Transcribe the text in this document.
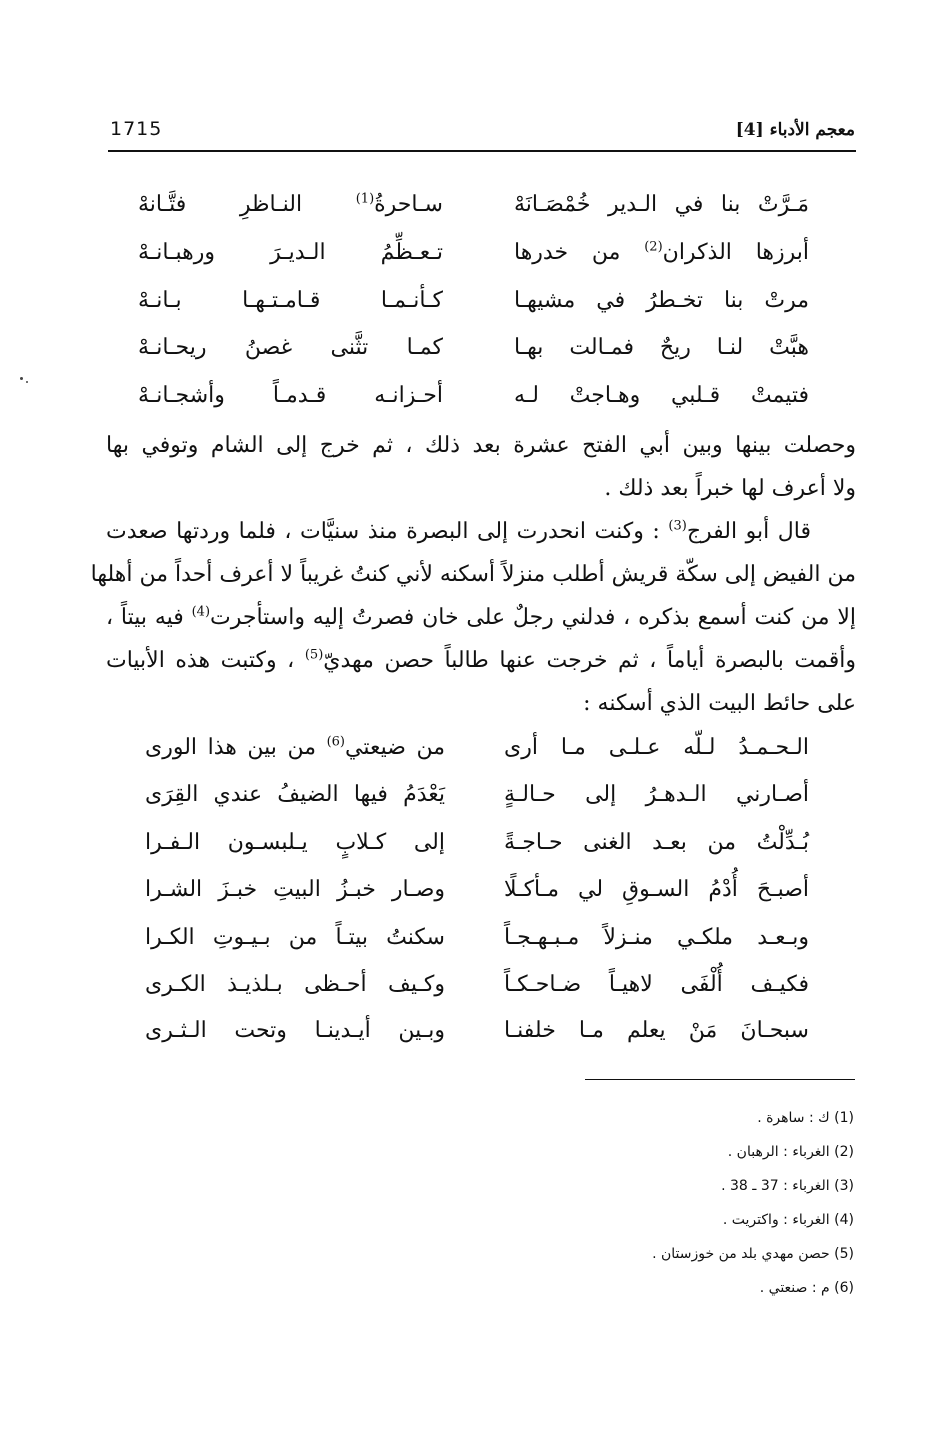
1715	معجم الأدباء [4]
مَـرَّتْ بنا في الـدير خُمْصَـانَهْ
سـاحرةُ$^{(1)}$ النـاظرِ فتَّـانهْ
أبرزها الذكران$^{(2)}$ من خدرها
تـعـظِّمُ الـديـرَ ورهبـانـهْ
مرتْ بنا تخـطرُ في مشيهـا
كـأنـمـا قـامـتـهـا بـانـهْ
هبَّتْ لنـا ريحٌ فمـالت بهـا
كمـا تثَّنى غصنُ ريحـانـهْ
فتيمتْ قـلبي وهـاجتْ لـه
أحـزانـه قـدمـاً وأشجـانـهْ
وحصلت بينها وبين أبي الفتح عشرة بعد ذلك ، ثم خرج إلى الشام وتوفي بها
ولا أعرف لها خبراً بعد ذلك .
قال أبو الفرج$^{(3)}$ : وكنت انحدرت إلى البصرة منذ سنيَّات ، فلما وردتها صعدت
من الفيض إلى سكّة قريش أطلب منزلاً أسكنه لأني كنتُ غريباً لا أعرف أحداً من أهلها
إلا من كنت أسمع بذكره ، فدلني رجلٌ على خان فصرتُ إليه واستأجرت$^{(4)}$ فيه بيتاً ،
وأقمت بالبصرة أياماً ، ثم خرجت عنها طالباً حصن مهديّ$^{(5)}$ ، وكتبت هذه الأبيات
على حائط البيت الذي أسكنه :
الـحـمـدُ لـلّه عـلـى مـا أرى
من ضيعتي$^{(6)}$ من بين هذا الورى
أصـارني الـدهـرُ إلى حـالـةٍ
يَعْدَمُ فيها الضيفُ عندي القِرَى
بُـدِّلْتُ من بعـد الغنى حـاجـةً
إلى كـلابٍ يـلبسـون الـفـرا
أصبـحَ أُدْمُ السـوقِ لي مـأكـلًا
وصـار خبـزُ البيتِ خبـزَ الشـرا
وبـعـد ملكـي منـزلاً مـبـهـجـاً
سكنتُ بيتـاً من بـيـوتِ الكـرا
فكيـف أُلْفَى لاهيـاً ضـاحـكـاً
وكـيف أحـظى بـلذيـذ الكـرى
سبحـانَ مَنْ يعلم مـا خلفنـا
وبـين أيـدينـا وتحت الـثـرى
(1) ك : ساهرة .
(2) الغرباء : الرهبان .
(3) الغرباء : 37 ـ 38 .
(4) الغرباء : واكتريت .
(5) حصن مهدي بلد من خوزستان .
(6) م : صنعتي .
